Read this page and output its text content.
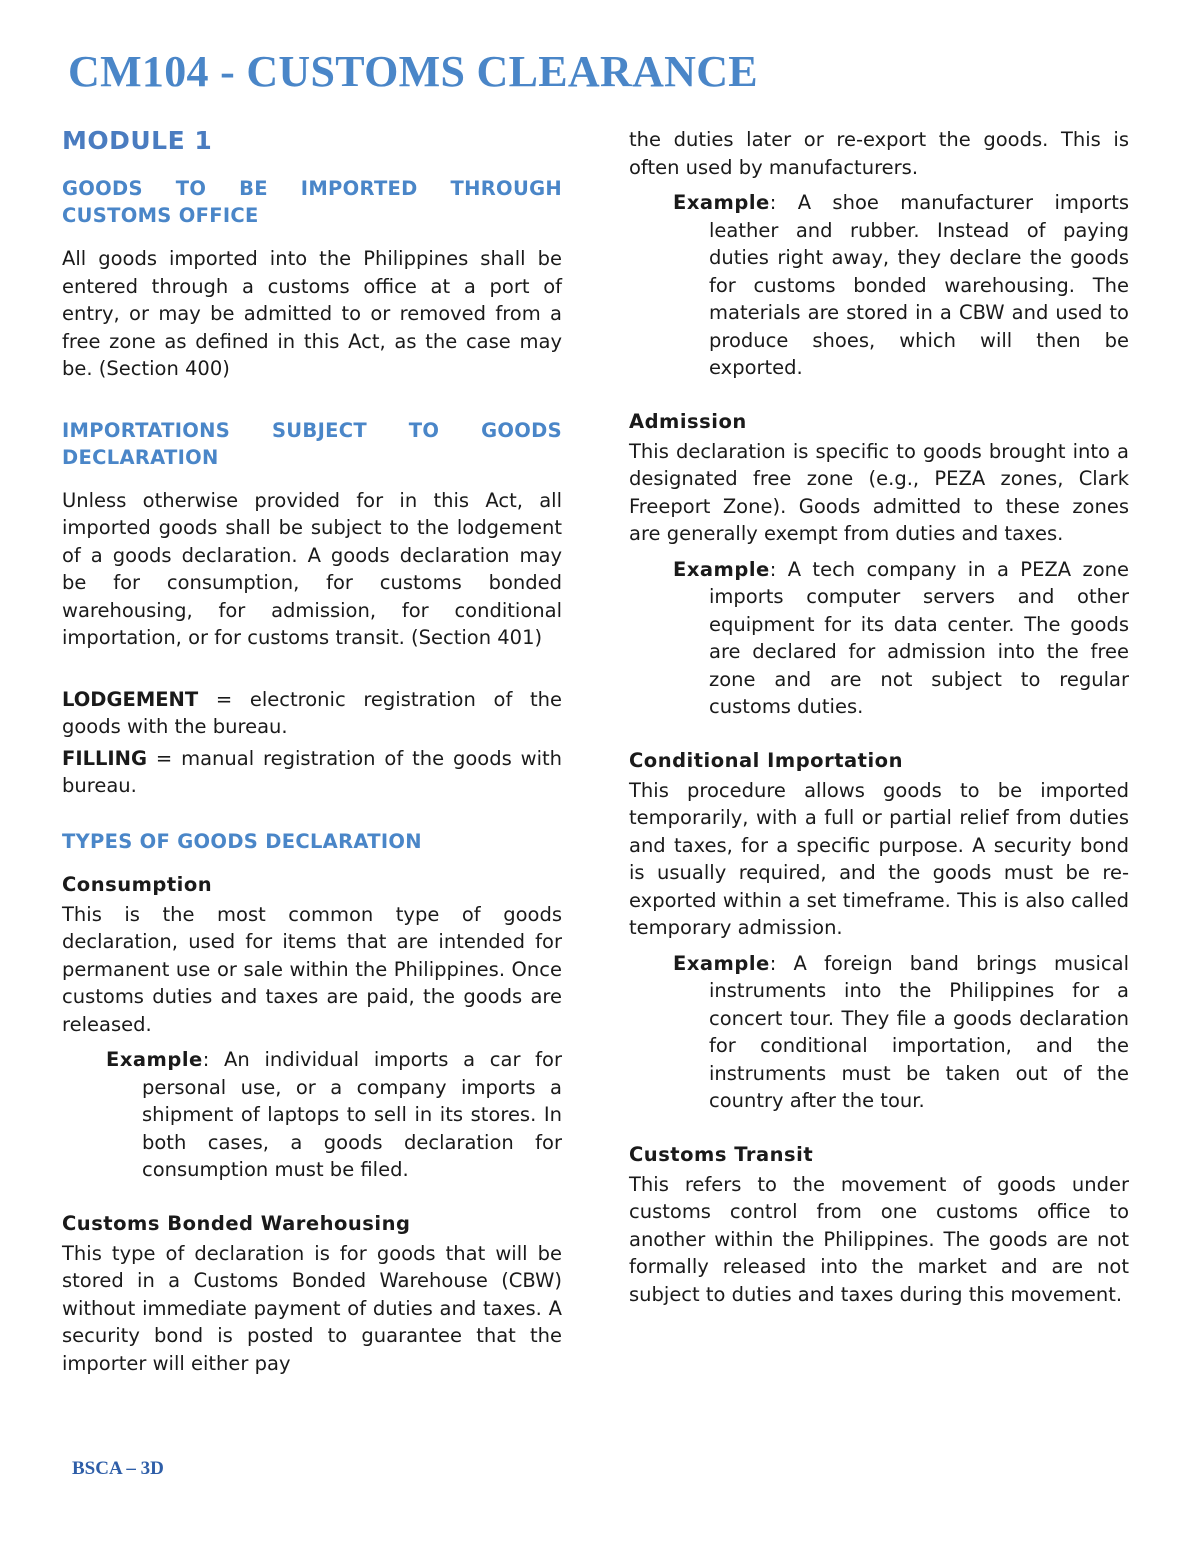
CM104 - CUSTOMS CLEARANCE
MODULE 1
GOODS TO BE IMPORTED THROUGH CUSTOMS OFFICE

All goods imported into the Philippines shall be entered through a customs office at a port of entry, or may be admitted to or removed from a free zone as defined in this Act, as the case may be. (Section 400)

IMPORTATIONS SUBJECT TO GOODS DECLARATION

Unless otherwise provided for in this Act, all imported goods shall be subject to the lodgement of a goods declaration. A goods declaration may be for consumption, for customs bonded warehousing, for admission, for conditional importation, or for customs transit. (Section 401)

LODGEMENT = electronic registration of the goods with the bureau.

FILLING = manual registration of the goods with bureau.

TYPES OF GOODS DECLARATION
Consumption

This is the most common type of goods declaration, used for items that are intended for permanent use or sale within the Philippines. Once customs duties and taxes are paid, the goods are released.

Example: An individual imports a car for personal use, or a company imports a shipment of laptops to sell in its stores. In both cases, a goods declaration for consumption must be filed.

Customs Bonded Warehousing

This type of declaration is for goods that will be stored in a Customs Bonded Warehouse (CBW) without immediate payment of duties and taxes. A security bond is posted to guarantee that the importer will either pay

the duties later or re-export the goods. This is often used by manufacturers.

Example: A shoe manufacturer imports leather and rubber. Instead of paying duties right away, they declare the goods for customs bonded warehousing. The materials are stored in a CBW and used to produce shoes, which will then be exported.

Admission

This declaration is specific to goods brought into a designated free zone (e.g., PEZA zones, Clark Freeport Zone). Goods admitted to these zones are generally exempt from duties and taxes.

Example: A tech company in a PEZA zone imports computer servers and other equipment for its data center. The goods are declared for admission into the free zone and are not subject to regular customs duties.

Conditional Importation

This procedure allows goods to be imported temporarily, with a full or partial relief from duties and taxes, for a specific purpose. A security bond is usually required, and the goods must be re-exported within a set timeframe. This is also called temporary admission.

Example: A foreign band brings musical instruments into the Philippines for a concert tour. They file a goods declaration for conditional importation, and the instruments must be taken out of the country after the tour.

Customs Transit

This refers to the movement of goods under customs control from one customs office to another within the Philippines. The goods are not formally released into the market and are not subject to duties and taxes during this movement.

BSCA – 3D
